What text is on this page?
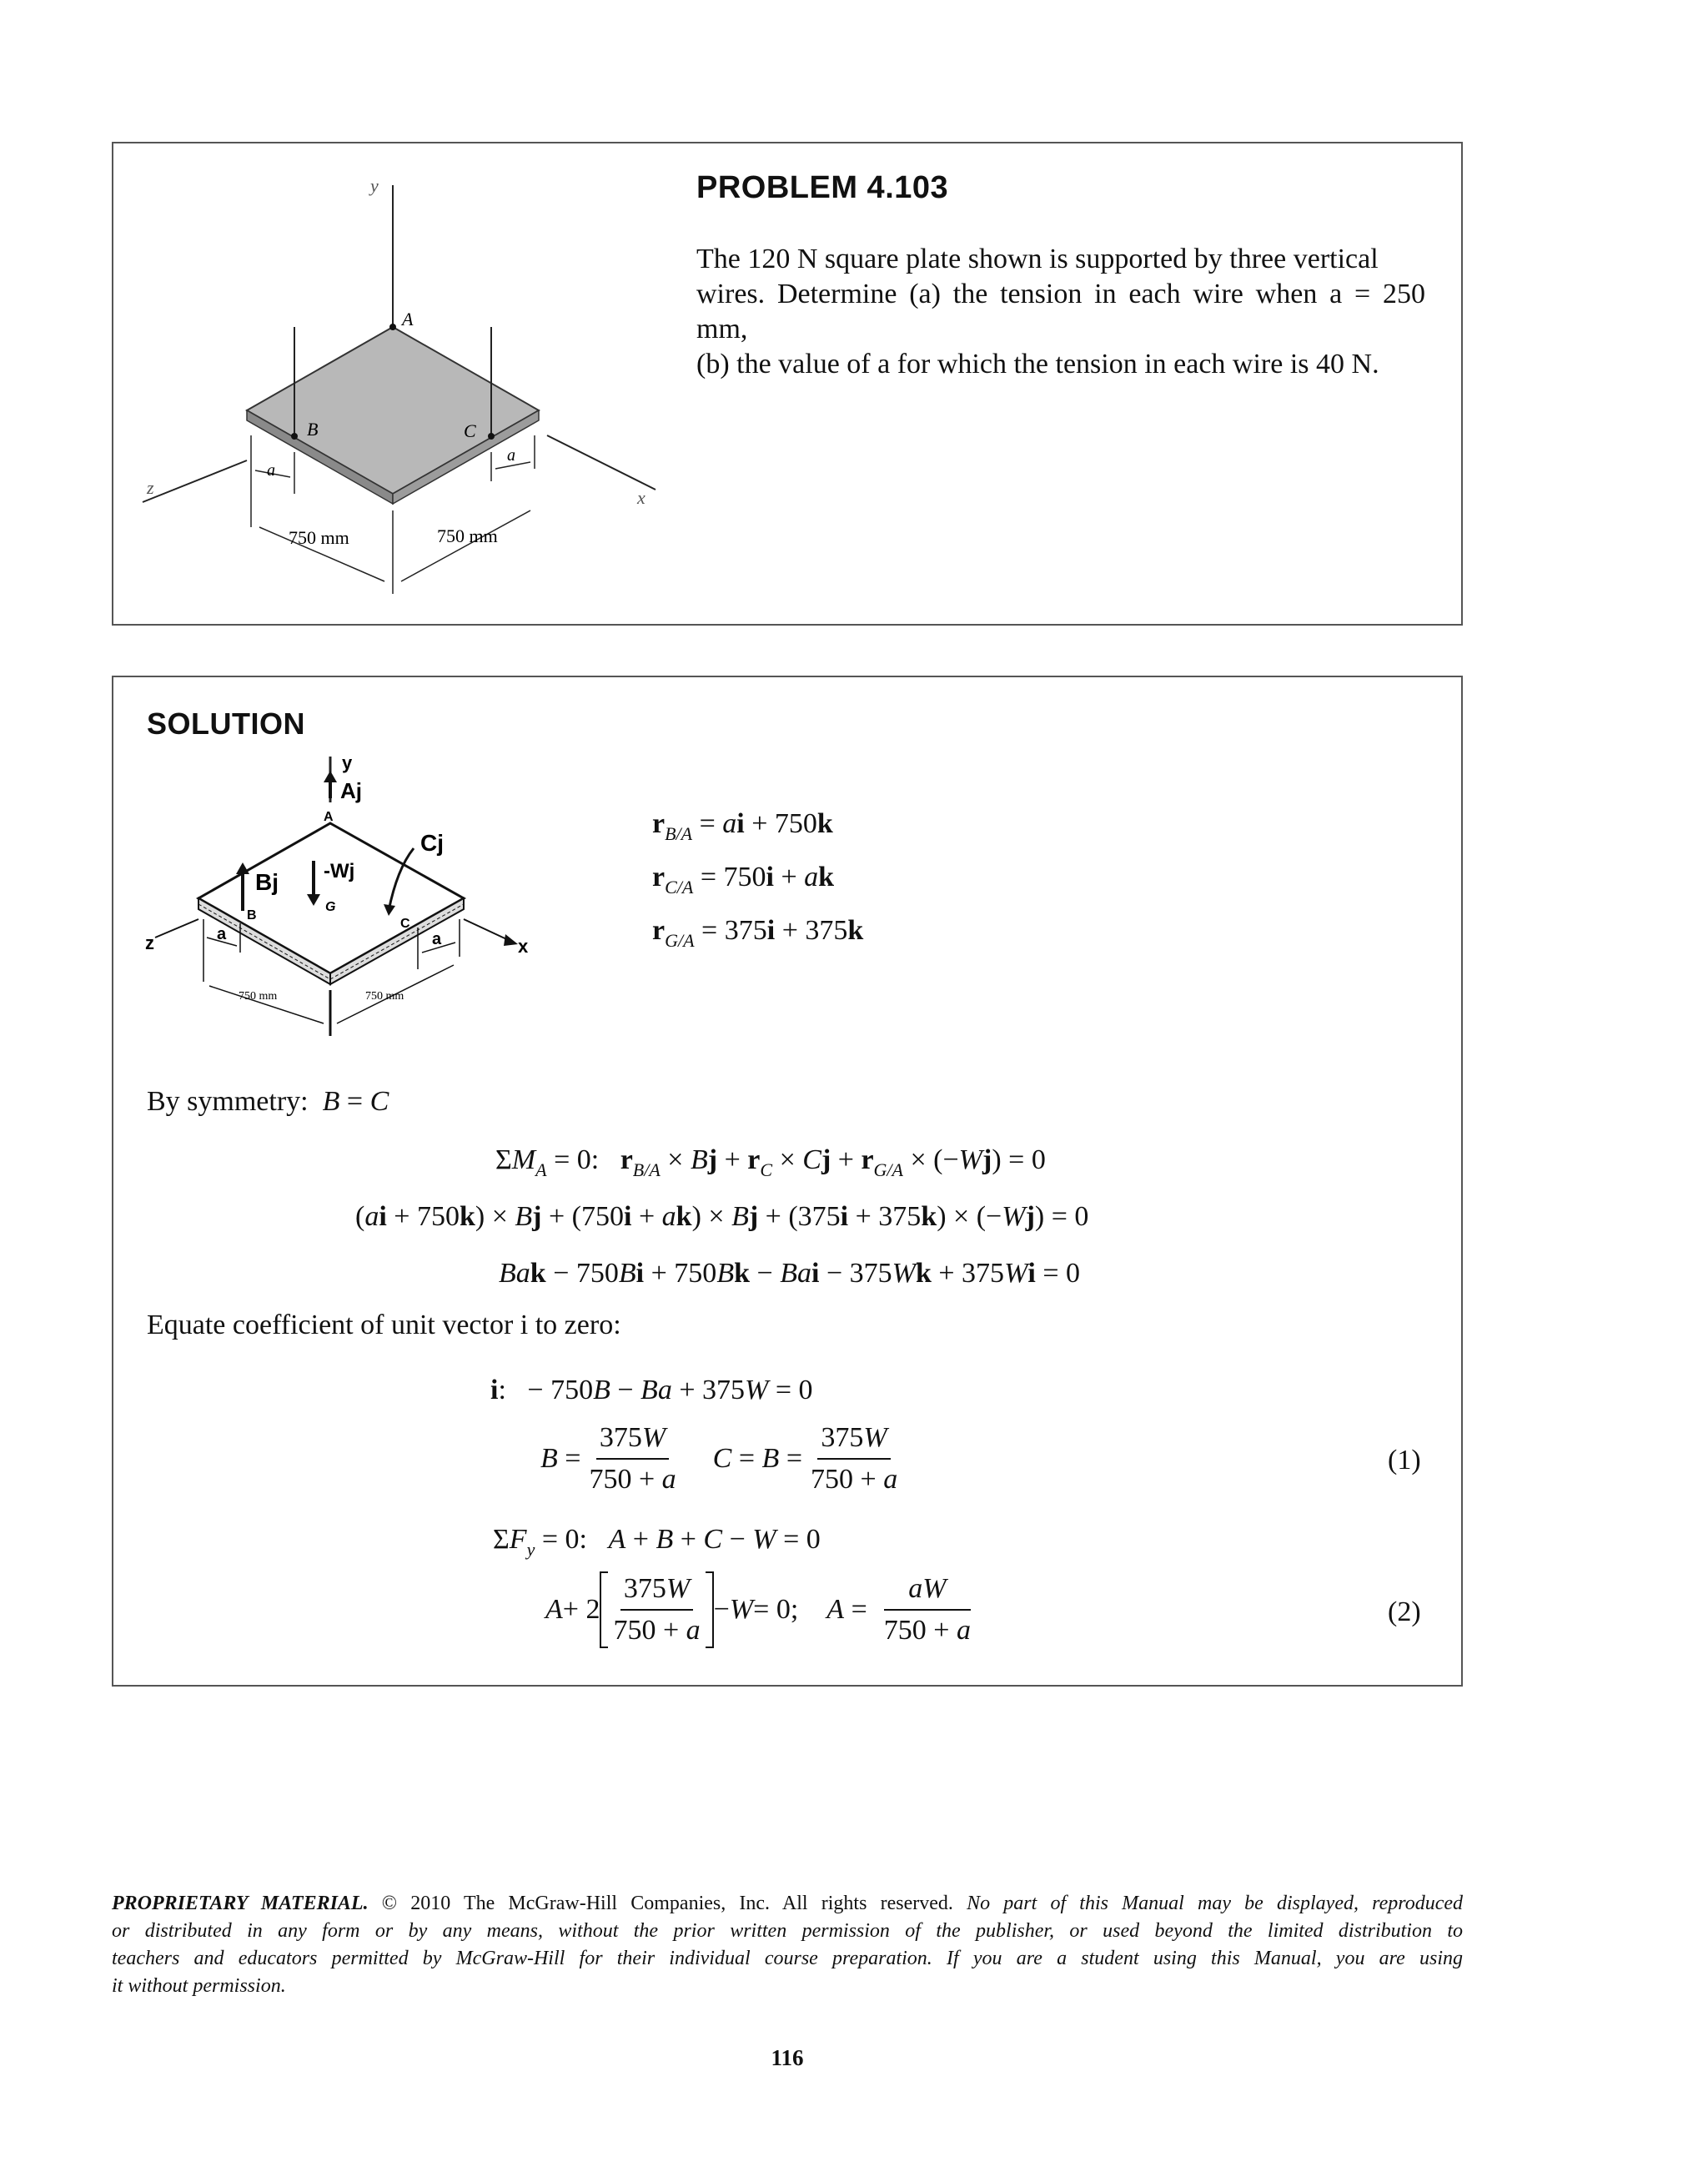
y
z	x
A
B	C
a
a
750 mm	750 mm
PROBLEM 4.103
The 120 N square plate shown is supported by three vertical
wires. Determine (a) the tension in each wire when a = 250 mm,
(b) the value of a for which the tension in each wire is 40 N.
SOLUTION
y
Aj
A
Bj
B
-Wj
G
Cj
C
z	x
a	a
750 mm	750 mm
$r_{B/A}$ = ai + 750k
$r_{C/A} = 750i$ + ak
$r_{G/A} = 375i + 375k$
By symmetry: B = C
$\Sigma M_A = 0$:   $r_{B/A} \times Bj + r_C \times Cj + r_{G/A} \times (-Wj) = 0$
(ai + 750k) × Bj + (750i + ak) × Bj + (375i + 375k) × (−Wj) = 0
Bak − 750Bi + 750Bk − Bai − 375Wk + 375Wi = 0
Equate coefficient of unit vector i to zero:
i:   − 750B − Ba + 375W = 0
$B = \frac{375W}{750 + a}$
$C = B = \frac{375W}{750 + a}$	(1)
$\Sigma F_y = 0$:   A + B + C − W = 0
$A + 2 \frac{375W}{750 + a} - W = 0$; $A = \frac{aW}{750 + a}$	(2)
PROPRIETARY MATERIAL. © 2010 The McGraw-Hill Companies, Inc. All rights reserved. No part of this Manual may be displayed, reproduced
or distributed in any form or by any means, without the prior written permission of the publisher, or used beyond the limited distribution to
teachers and educators permitted by McGraw-Hill for their individual course preparation. If you are a student using this Manual, you are using
it without permission.
116
